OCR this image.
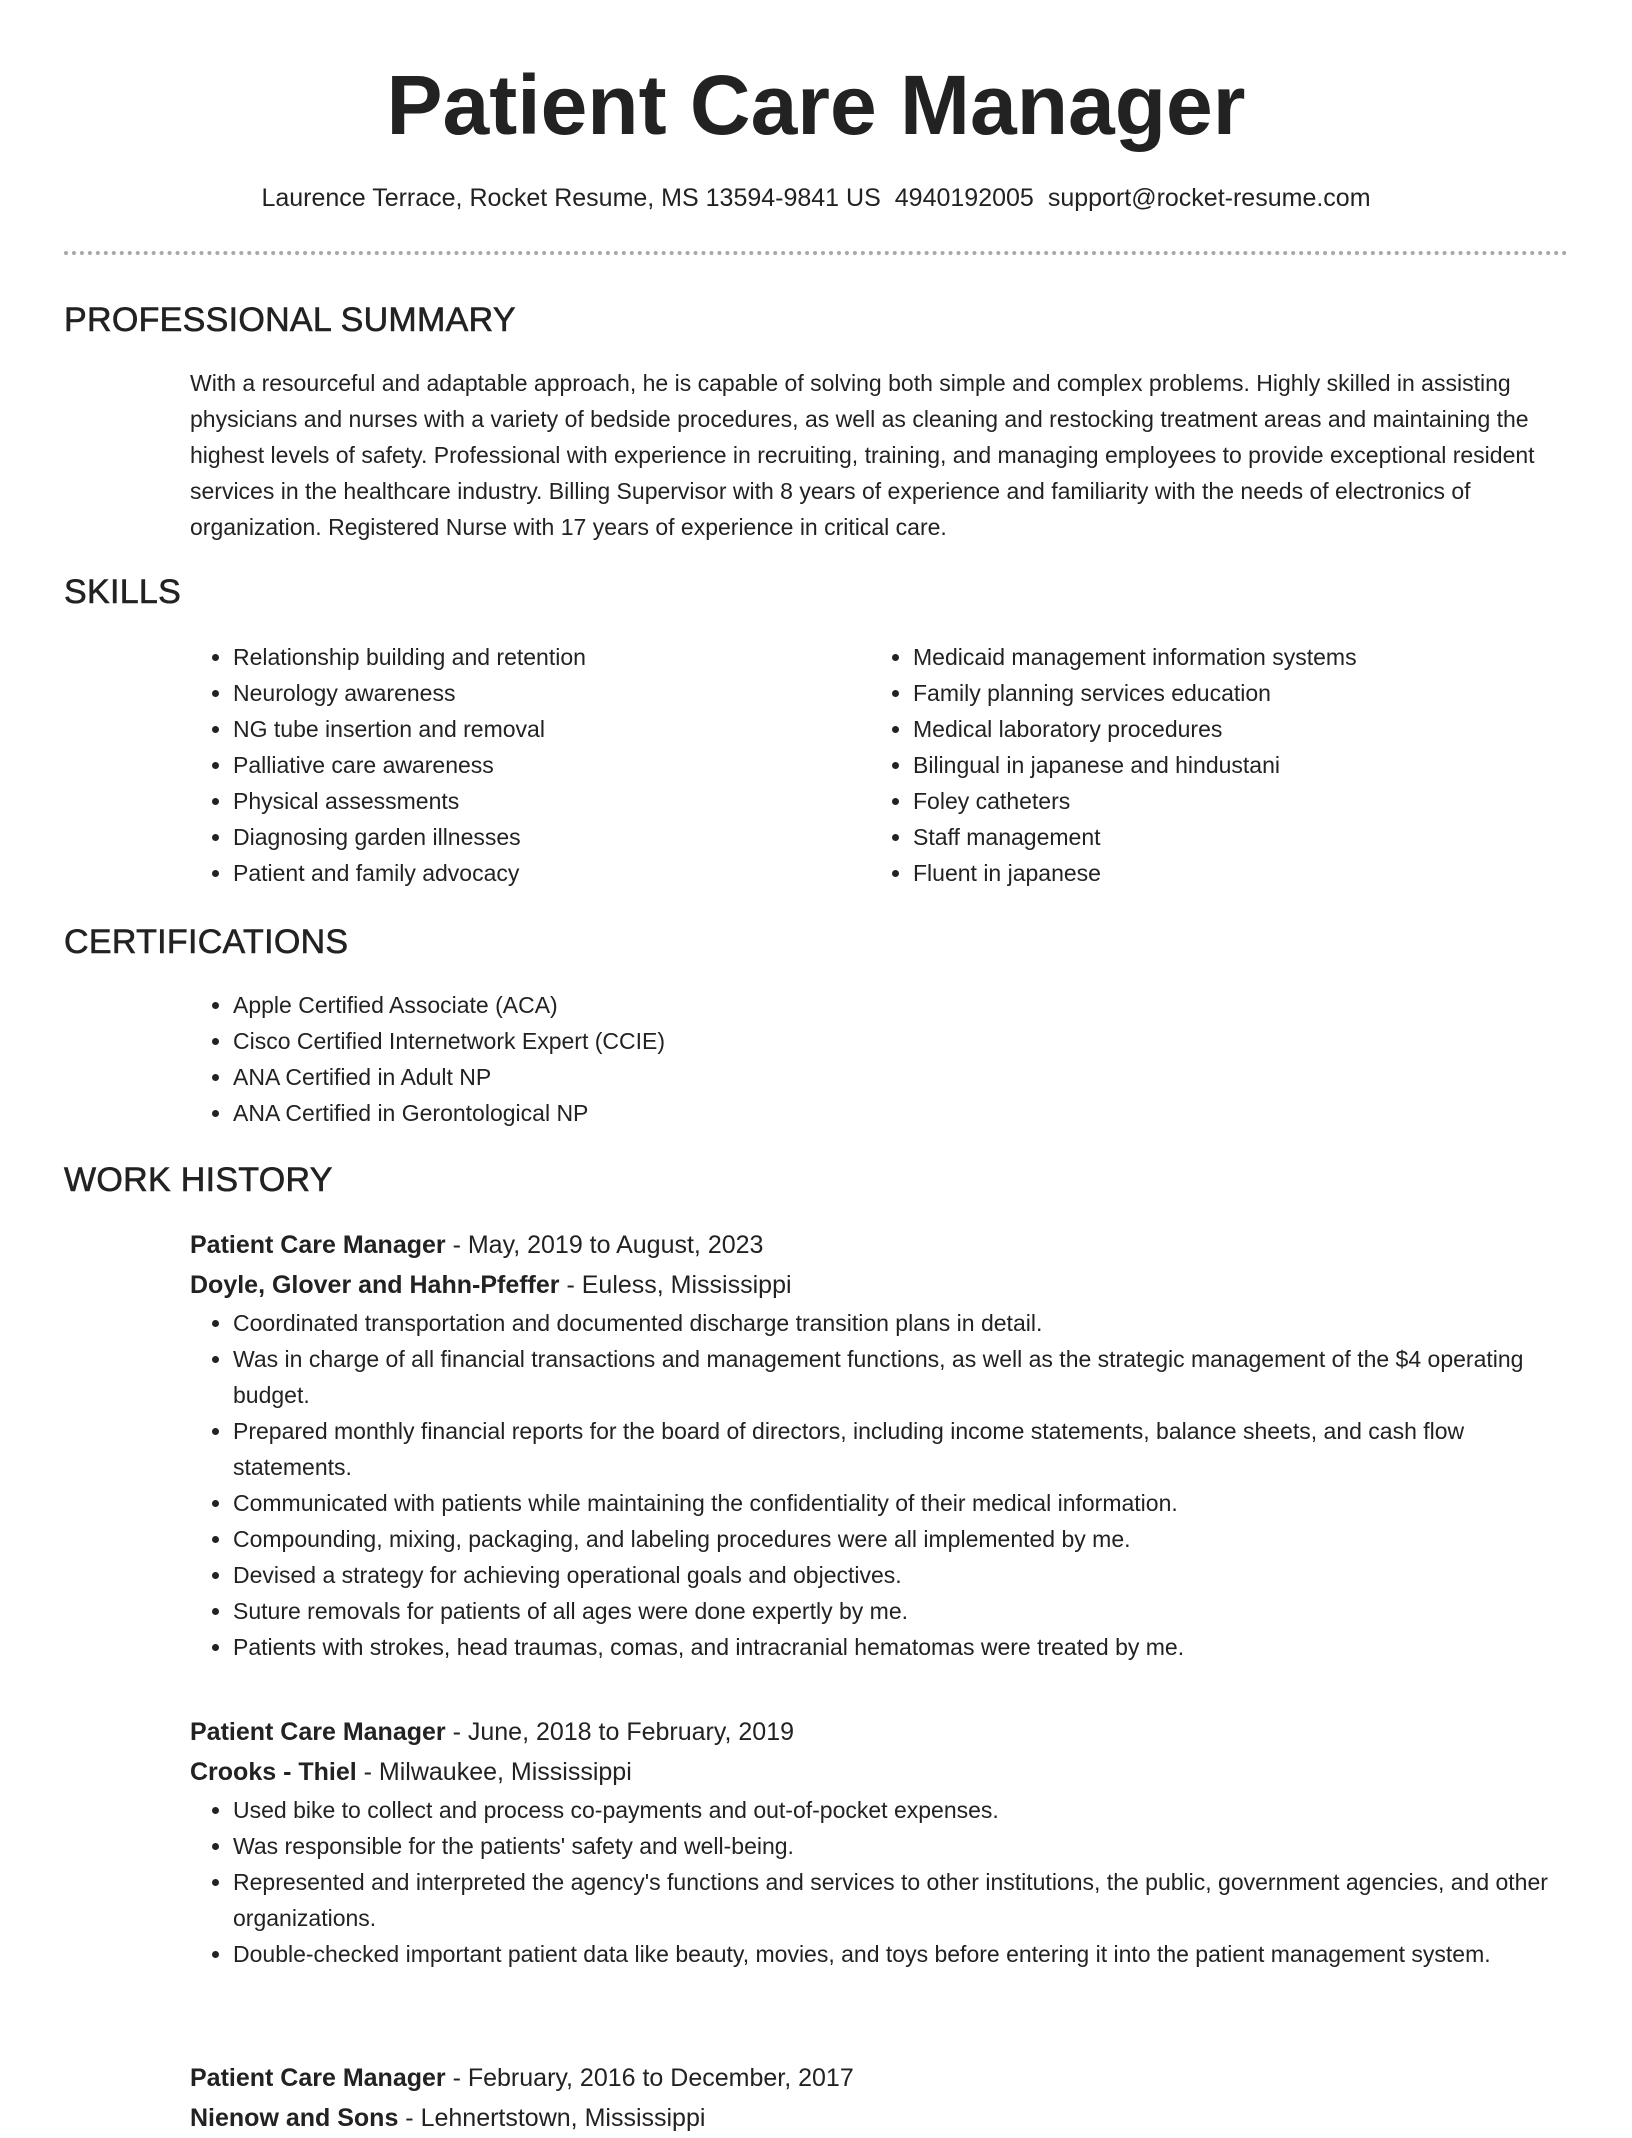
Patient Care Manager
Laurence Terrace, Rocket Resume, MS 13594-9841 US 4940192005 support@rocket-resume.com
PROFESSIONAL SUMMARY
With a resourceful and adaptable approach, he is capable of solving both simple and complex problems. Highly skilled in assisting physicians and nurses with a variety of bedside procedures, as well as cleaning and restocking treatment areas and maintaining the highest levels of safety. Professional with experience in recruiting, training, and managing employees to provide exceptional resident services in the healthcare industry. Billing Supervisor with 8 years of experience and familiarity with the needs of electronics of organization. Registered Nurse with 17 years of experience in critical care.
SKILLS
• Relationship building and retention
• Neurology awareness
• NG tube insertion and removal
• Palliative care awareness
• Physical assessments
• Diagnosing garden illnesses
• Patient and family advocacy
• Medicaid management information systems
• Family planning services education
• Medical laboratory procedures
• Bilingual in japanese and hindustani
• Foley catheters
• Staff management
• Fluent in japanese
CERTIFICATIONS
• Apple Certified Associate (ACA)
• Cisco Certified Internetwork Expert (CCIE)
• ANA Certified in Adult NP
• ANA Certified in Gerontological NP
WORK HISTORY
Patient Care Manager - May, 2019 to August, 2023
Doyle, Glover and Hahn-Pfeffer - Euless, Mississippi
• Coordinated transportation and documented discharge transition plans in detail.
• Was in charge of all financial transactions and management functions, as well as the strategic management of the $4 operating budget.
• Prepared monthly financial reports for the board of directors, including income statements, balance sheets, and cash flow statements.
• Communicated with patients while maintaining the confidentiality of their medical information.
• Compounding, mixing, packaging, and labeling procedures were all implemented by me.
• Devised a strategy for achieving operational goals and objectives.
• Suture removals for patients of all ages were done expertly by me.
• Patients with strokes, head traumas, comas, and intracranial hematomas were treated by me.
Patient Care Manager - June, 2018 to February, 2019
Crooks - Thiel - Milwaukee, Mississippi
• Used bike to collect and process co-payments and out-of-pocket expenses.
• Was responsible for the patients' safety and well-being.
• Represented and interpreted the agency's functions and services to other institutions, the public, government agencies, and other organizations.
• Double-checked important patient data like beauty, movies, and toys before entering it into the patient management system.
Patient Care Manager - February, 2016 to December, 2017
Nienow and Sons - Lehnertstown, Mississippi
